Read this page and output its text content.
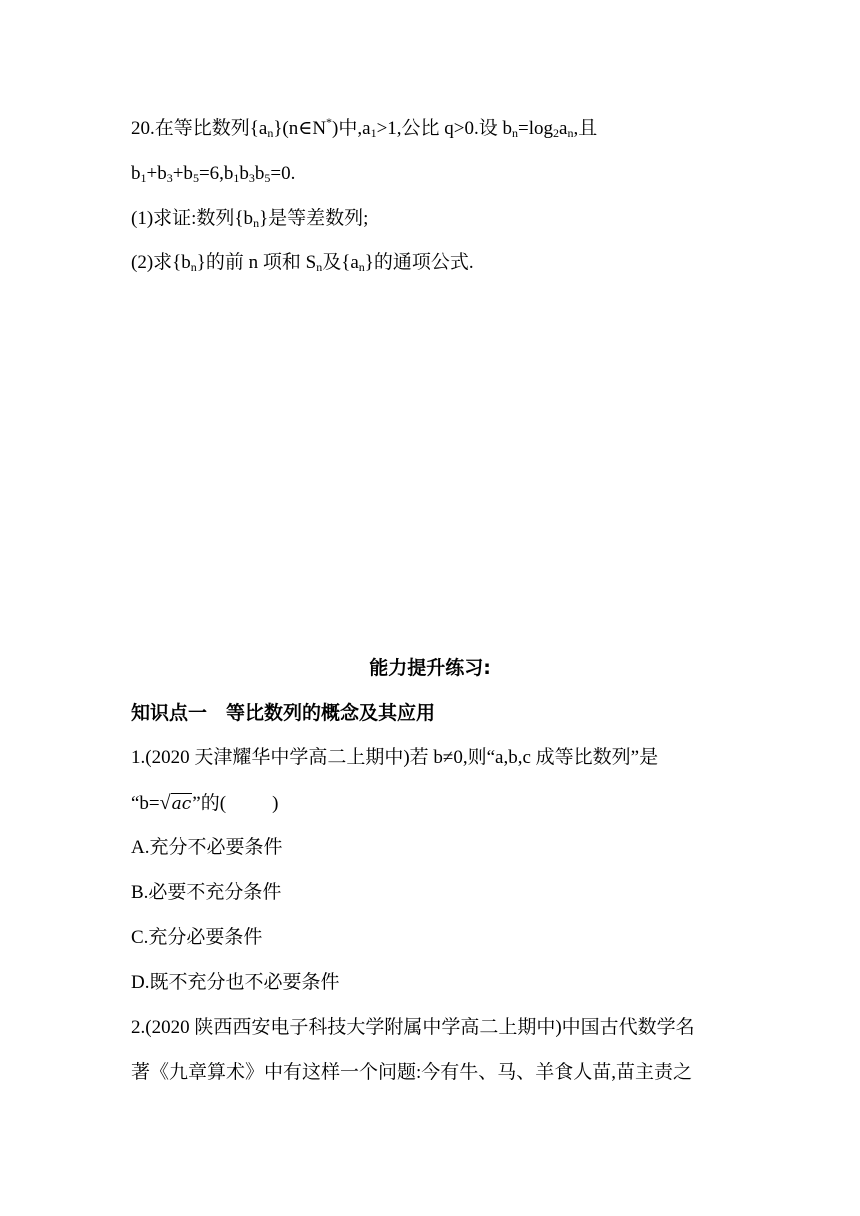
20.在等比数列$\{a_n\}(n\in N^*)$中$,a_1>1$,公比 q>0.设 $b_n=\log_2a_n$,且
$b_1+b_3+b_5=6,b_1b_3b_5=0$.
(1)求证:数列$\{b_n\}$是等差数列;
(2)求$\{b_n\}$的前 n 项和 $S_n$及$\{a_n\}$的通项公式.
能力提升练习:
知识点一　等比数列的概念及其应用
1.(2020 天津耀华中学高二上期中)若 b≠0,则“a,b,c 成等比数列”是
“b=√ac”的( )
A.充分不必要条件
B.必要不充分条件
C.充分必要条件
D.既不充分也不必要条件
2.(2020 陕西西安电子科技大学附属中学高二上期中)中国古代数学名
著《九章算术》中有这样一个问题:今有牛、马、羊食人苗,苗主责之
